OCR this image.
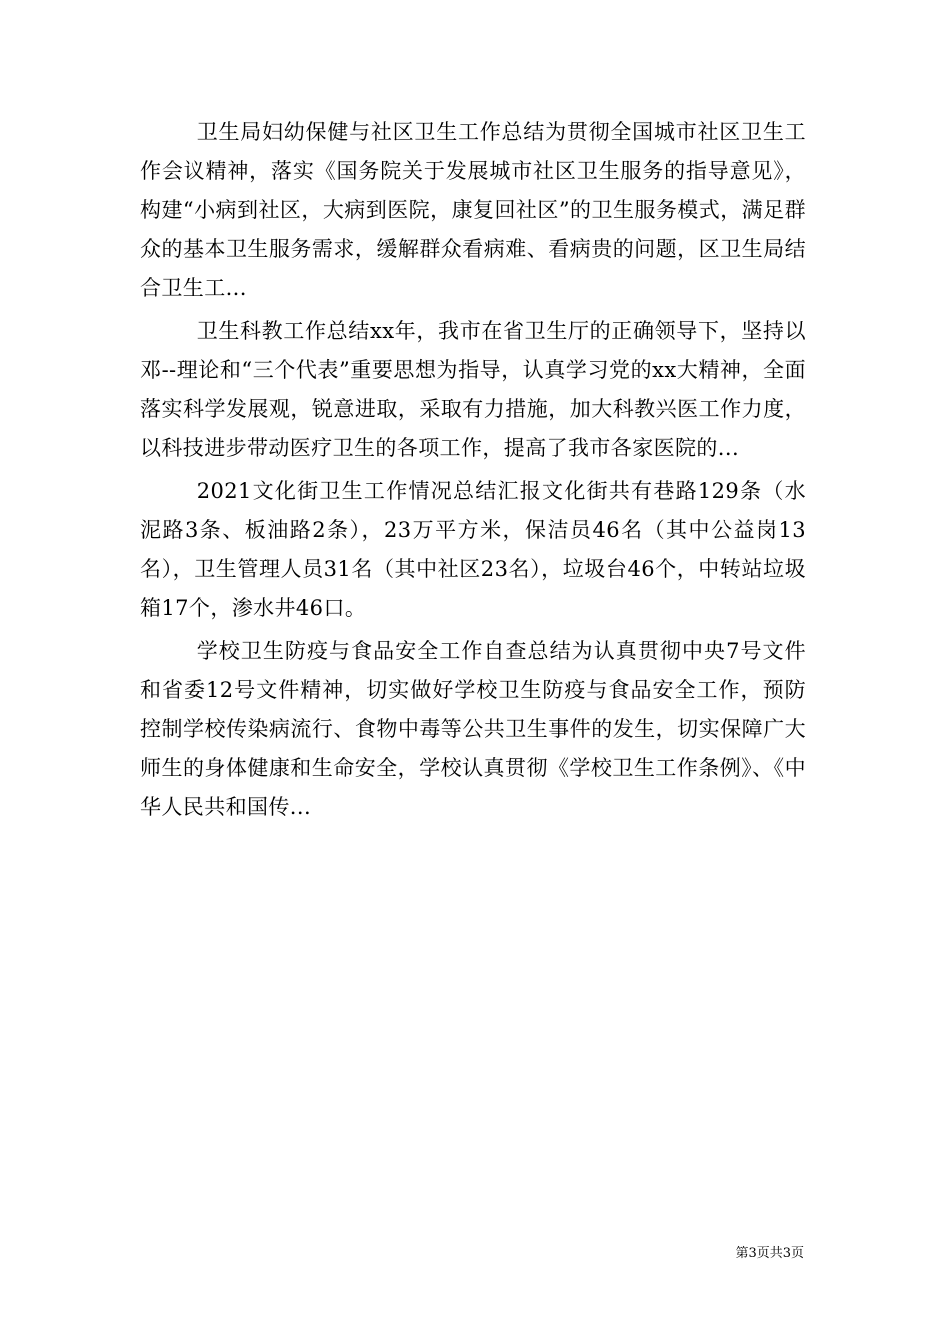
卫生局妇幼保健与社区卫生工作总结为贯彻全国城市社区卫生工作会议精神，落实《国务院关于发展城市社区卫生服务的指导意见》，构建“小病到社区，大病到医院，康复回社区”的卫生服务模式，满足群众的基本卫生服务需求，缓解群众看病难、看病贵的问题，区卫生局结合卫生工...

卫生科教工作总结xx年，我市在省卫生厅的正确领导下，坚持以邓--理论和“三个代表”重要思想为指导，认真学习党的xx大精神，全面落实科学发展观，锐意进取，采取有力措施，加大科教兴医工作力度，以科技进步带动医疗卫生的各项工作，提高了我市各家医院的...

2021文化街卫生工作情况总结汇报文化街共有巷路129条（水泥路3条、板油路2条），23万平方米，保洁员46名（其中公益岗13名），卫生管理人员31名（其中社区23名），垃圾台46个，中转站垃圾箱17个，渗水井46口。

学校卫生防疫与食品安全工作自查总结为认真贯彻中央7号文件和省委12号文件精神，切实做好学校卫生防疫与食品安全工作，预防控制学校传染病流行、食物中毒等公共卫生事件的发生，切实保障广大师生的身体健康和生命安全，学校认真贯彻《学校卫生工作条例》、《中华人民共和国传...

第3页共3页
